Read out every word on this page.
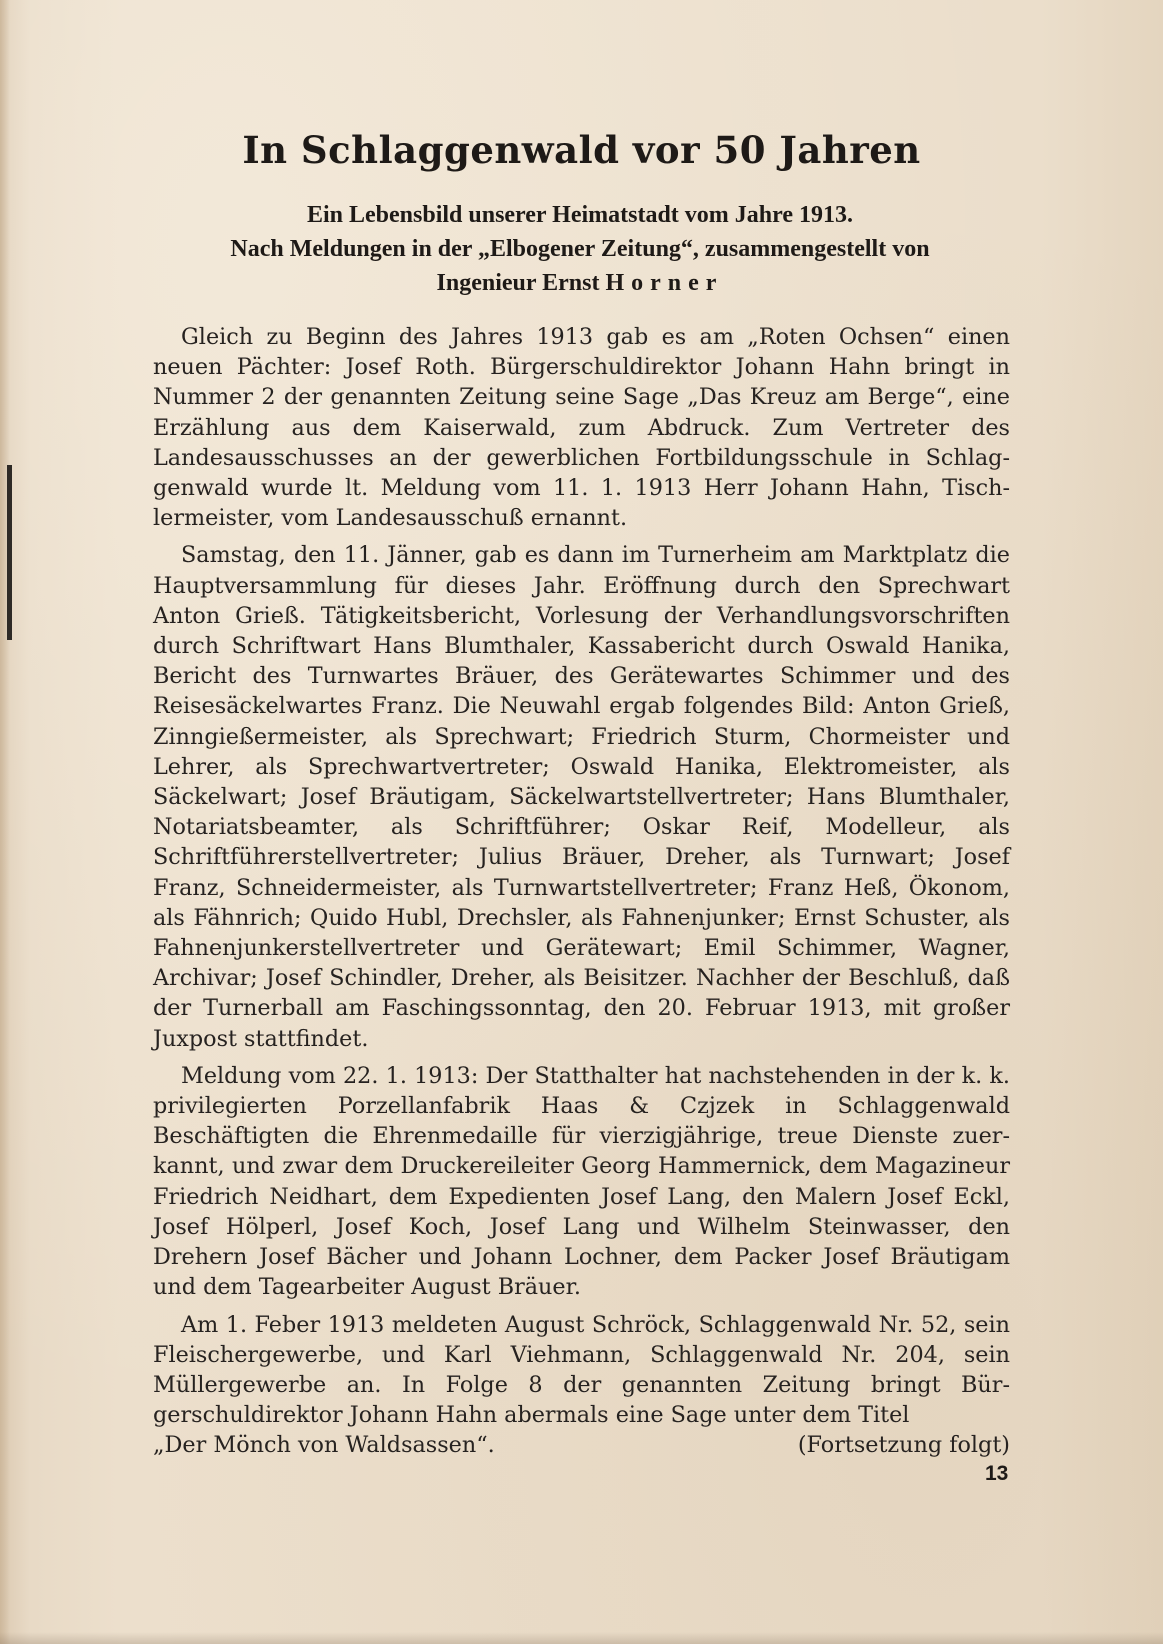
In Schlaggenwald vor 50 Jahren

Ein Lebensbild unserer Heimatstadt vom Jahre 1913.

Nach Meldungen in der „Elbogener Zeitung“, zusammengestellt von

Ingenieur Ernst Horner

Gleich zu Beginn des Jahres 1913 gab es am „Roten Ochsen“ einen neuen Pächter: Josef Roth. Bürgerschuldirektor Johann Hahn bringt in Nummer 2 der genannten Zeitung seine Sage „Das Kreuz am Berge“, eine Erzählung aus dem Kaiserwald, zum Abdruck. Zum Vertreter des Landesausschusses an der gewerblichen Fortbildungsschule in Schlaggenwald wurde lt. Meldung vom 11. 1. 1913 Herr Johann Hahn, Tischlermeister, vom Landesausschuß ernannt.

Samstag, den 11. Jänner, gab es dann im Turnerheim am Marktplatz die Hauptversammlung für dieses Jahr. Eröffnung durch den Sprechwart Anton Grieß. Tätigkeitsbericht, Vorlesung der Verhandlungsvorschriften durch Schriftwart Hans Blumthaler, Kassabericht durch Oswald Hanika, Bericht des Turnwartes Bräuer, des Gerätewartes Schimmer und des Reisesäckelwartes Franz. Die Neuwahl ergab folgendes Bild: Anton Grieß, Zinngießermeister, als Sprechwart; Friedrich Sturm, Chormeister und Lehrer, als Sprechwartvertreter; Oswald Hanika, Elektromeister, als Säckelwart; Josef Bräutigam, Säckelwartstellvertreter; Hans Blumthaler, Notariatsbeamter, als Schriftführer; Oskar Reif, Modelleur, als Schriftführerstellvertreter; Julius Bräuer, Dreher, als Turnwart; Josef Franz, Schneidermeister, als Turnwartstellvertreter; Franz Heß, Ökonom, als Fähnrich; Quido Hubl, Drechsler, als Fahnenjunker; Ernst Schuster, als Fahnenjunkerstellvertreter und Gerätewart; Emil Schimmer, Wagner, Archivar; Josef Schindler, Dreher, als Beisitzer. Nachher der Beschluß, daß der Turnerball am Faschingssonntag, den 20. Februar 1913, mit großer Juxpost stattfindet.

Meldung vom 22. 1. 1913: Der Statthalter hat nachstehenden in der k. k. privilegierten Porzellanfabrik Haas & Czjzek in Schlaggenwald Beschäftigten die Ehrenmedaille für vierzigjährige, treue Dienste zuerkannt, und zwar dem Druckereileiter Georg Hammernick, dem Magazineur Friedrich Neidhart, dem Expedienten Josef Lang, den Malern Josef Eckl, Josef Hölperl, Josef Koch, Josef Lang und Wilhelm Steinwasser, den Drehern Josef Bächer und Johann Lochner, dem Packer Josef Bräutigam und dem Tagearbeiter August Bräuer.

Am 1. Feber 1913 meldeten August Schröck, Schlaggenwald Nr. 52, sein Fleischergewerbe, und Karl Viehmann, Schlaggenwald Nr. 204, sein Müllergewerbe an. In Folge 8 der genannten Zeitung bringt Bürgerschuldirektor Johann Hahn abermals eine Sage unter dem Titel

„Der Mönch von Waldsassen“.	(Fortsetzung folgt)
13
